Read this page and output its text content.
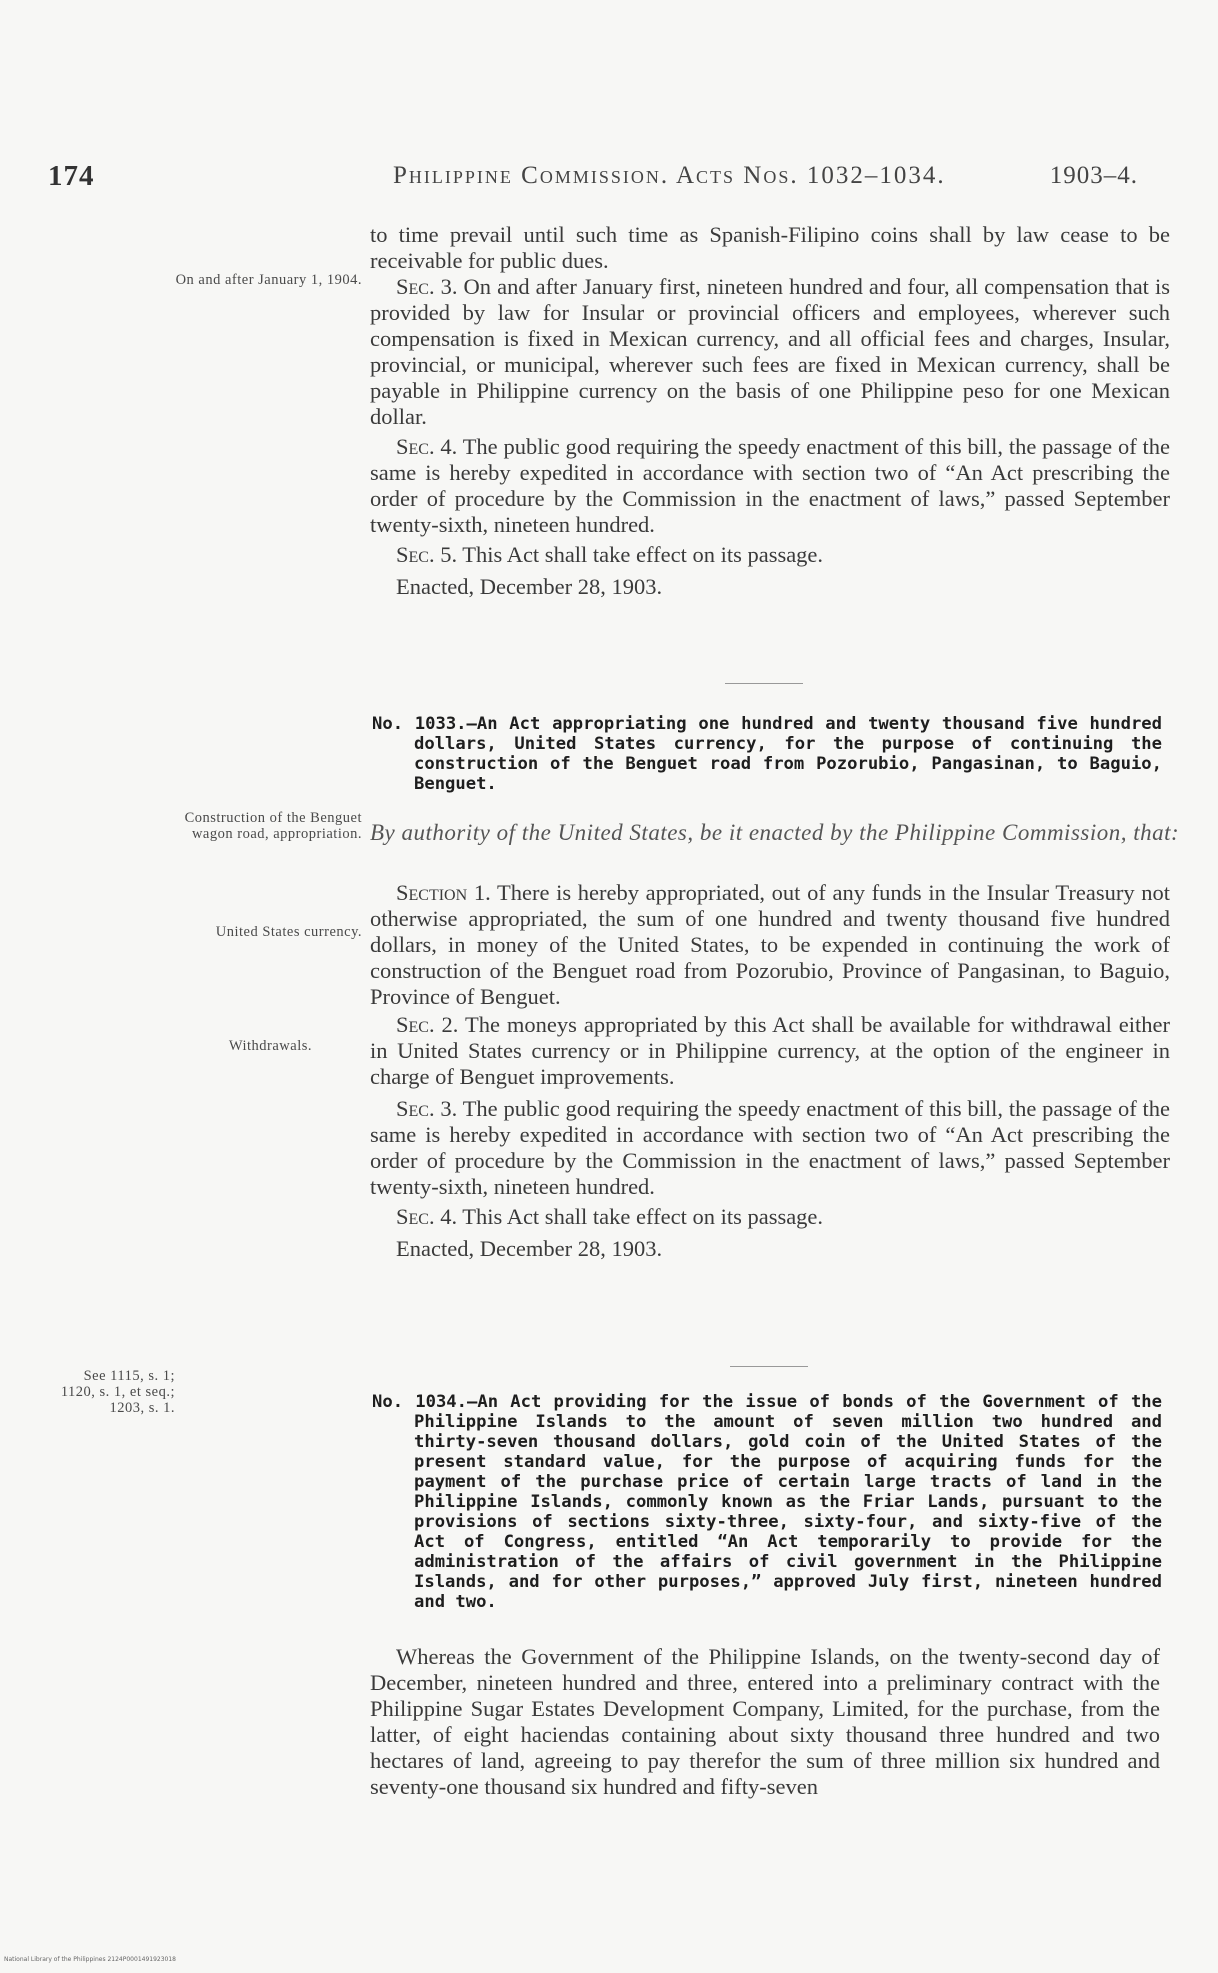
174	Philippine Commission. Acts Nos. 1032–1034.	1903–4.

to time prevail until such time as Spanish-Filipino coins shall by law cease to be receivable for public dues.

Sec. 3. On and after January first, nineteen hundred and four, all compensation that is provided by law for Insular or provincial officers and employees, wherever such compensation is fixed in Mexican currency, and all official fees and charges, Insular, provincial, or municipal, wherever such fees are fixed in Mexican currency, shall be payable in Philippine currency on the basis of one Philippine peso for one Mexican dollar.

Sec. 4. The public good requiring the speedy enactment of this bill, the passage of the same is hereby expedited in accordance with section two of “An Act prescribing the order of procedure by the Commission in the enactment of laws,” passed September twenty-sixth, nineteen hundred.

Sec. 5. This Act shall take effect on its passage.

Enacted, December 28, 1903.

On and after January 1, 1904.
No. 1033.—An Act appropriating one hundred and twenty thousand five hundred dollars, United States currency, for the purpose of continuing the construction of the Benguet road from Pozorubio, Pangasinan, to Baguio, Benguet.
Construction of the Benguet wagon road, appropriation. By authority of the United States, be it enacted by the Philippine Commission, that:

Section 1. There is hereby appropriated, out of any funds in the Insular Treasury not otherwise appropriated, the sum of one hundred and twenty thousand five hundred dollars, in money of the United States, to be expended in continuing the work of construction of the Benguet road from Pozorubio, Province of Pangasinan, to Baguio, Province of Benguet.

Sec. 2. The moneys appropriated by this Act shall be available for withdrawal either in United States currency or in Philippine currency, at the option of the engineer in charge of Benguet improvements.

Sec. 3. The public good requiring the speedy enactment of this bill, the passage of the same is hereby expedited in accordance with section two of “An Act prescribing the order of procedure by the Commission in the enactment of laws,” passed September twenty-sixth, nineteen hundred.

Sec. 4. This Act shall take effect on its passage.

Enacted, December 28, 1903.

United States currency.
Withdrawals.
See 1115, s. 1; 1120, s. 1, et seq.; 1203, s. 1.	No. 1034.—An Act providing for the issue of bonds of the Government of the Philippine Islands to the amount of seven million two hundred and thirty-seven thousand dollars, gold coin of the United States of the present standard value, for the purpose of acquiring funds for the payment of the purchase price of certain large tracts of land in the Philippine Islands, commonly known as the Friar Lands, pursuant to the provisions of sections sixty-three, sixty-four, and sixty-five of the Act of Congress, entitled “An Act temporarily to provide for the administration of the affairs of civil government in the Philippine Islands, and for other purposes,” approved July first, nineteen hundred and two.

Whereas the Government of the Philippine Islands, on the twenty-second day of December, nineteen hundred and three, entered into a preliminary contract with the Philippine Sugar Estates Development Company, Limited, for the purchase, from the latter, of eight haciendas containing about sixty thousand three hundred and two hectares of land, agreeing to pay therefor the sum of three million six hundred and seventy-one thousand six hundred and fifty-seven

National Library of the Philippines 2124P0001491923018
